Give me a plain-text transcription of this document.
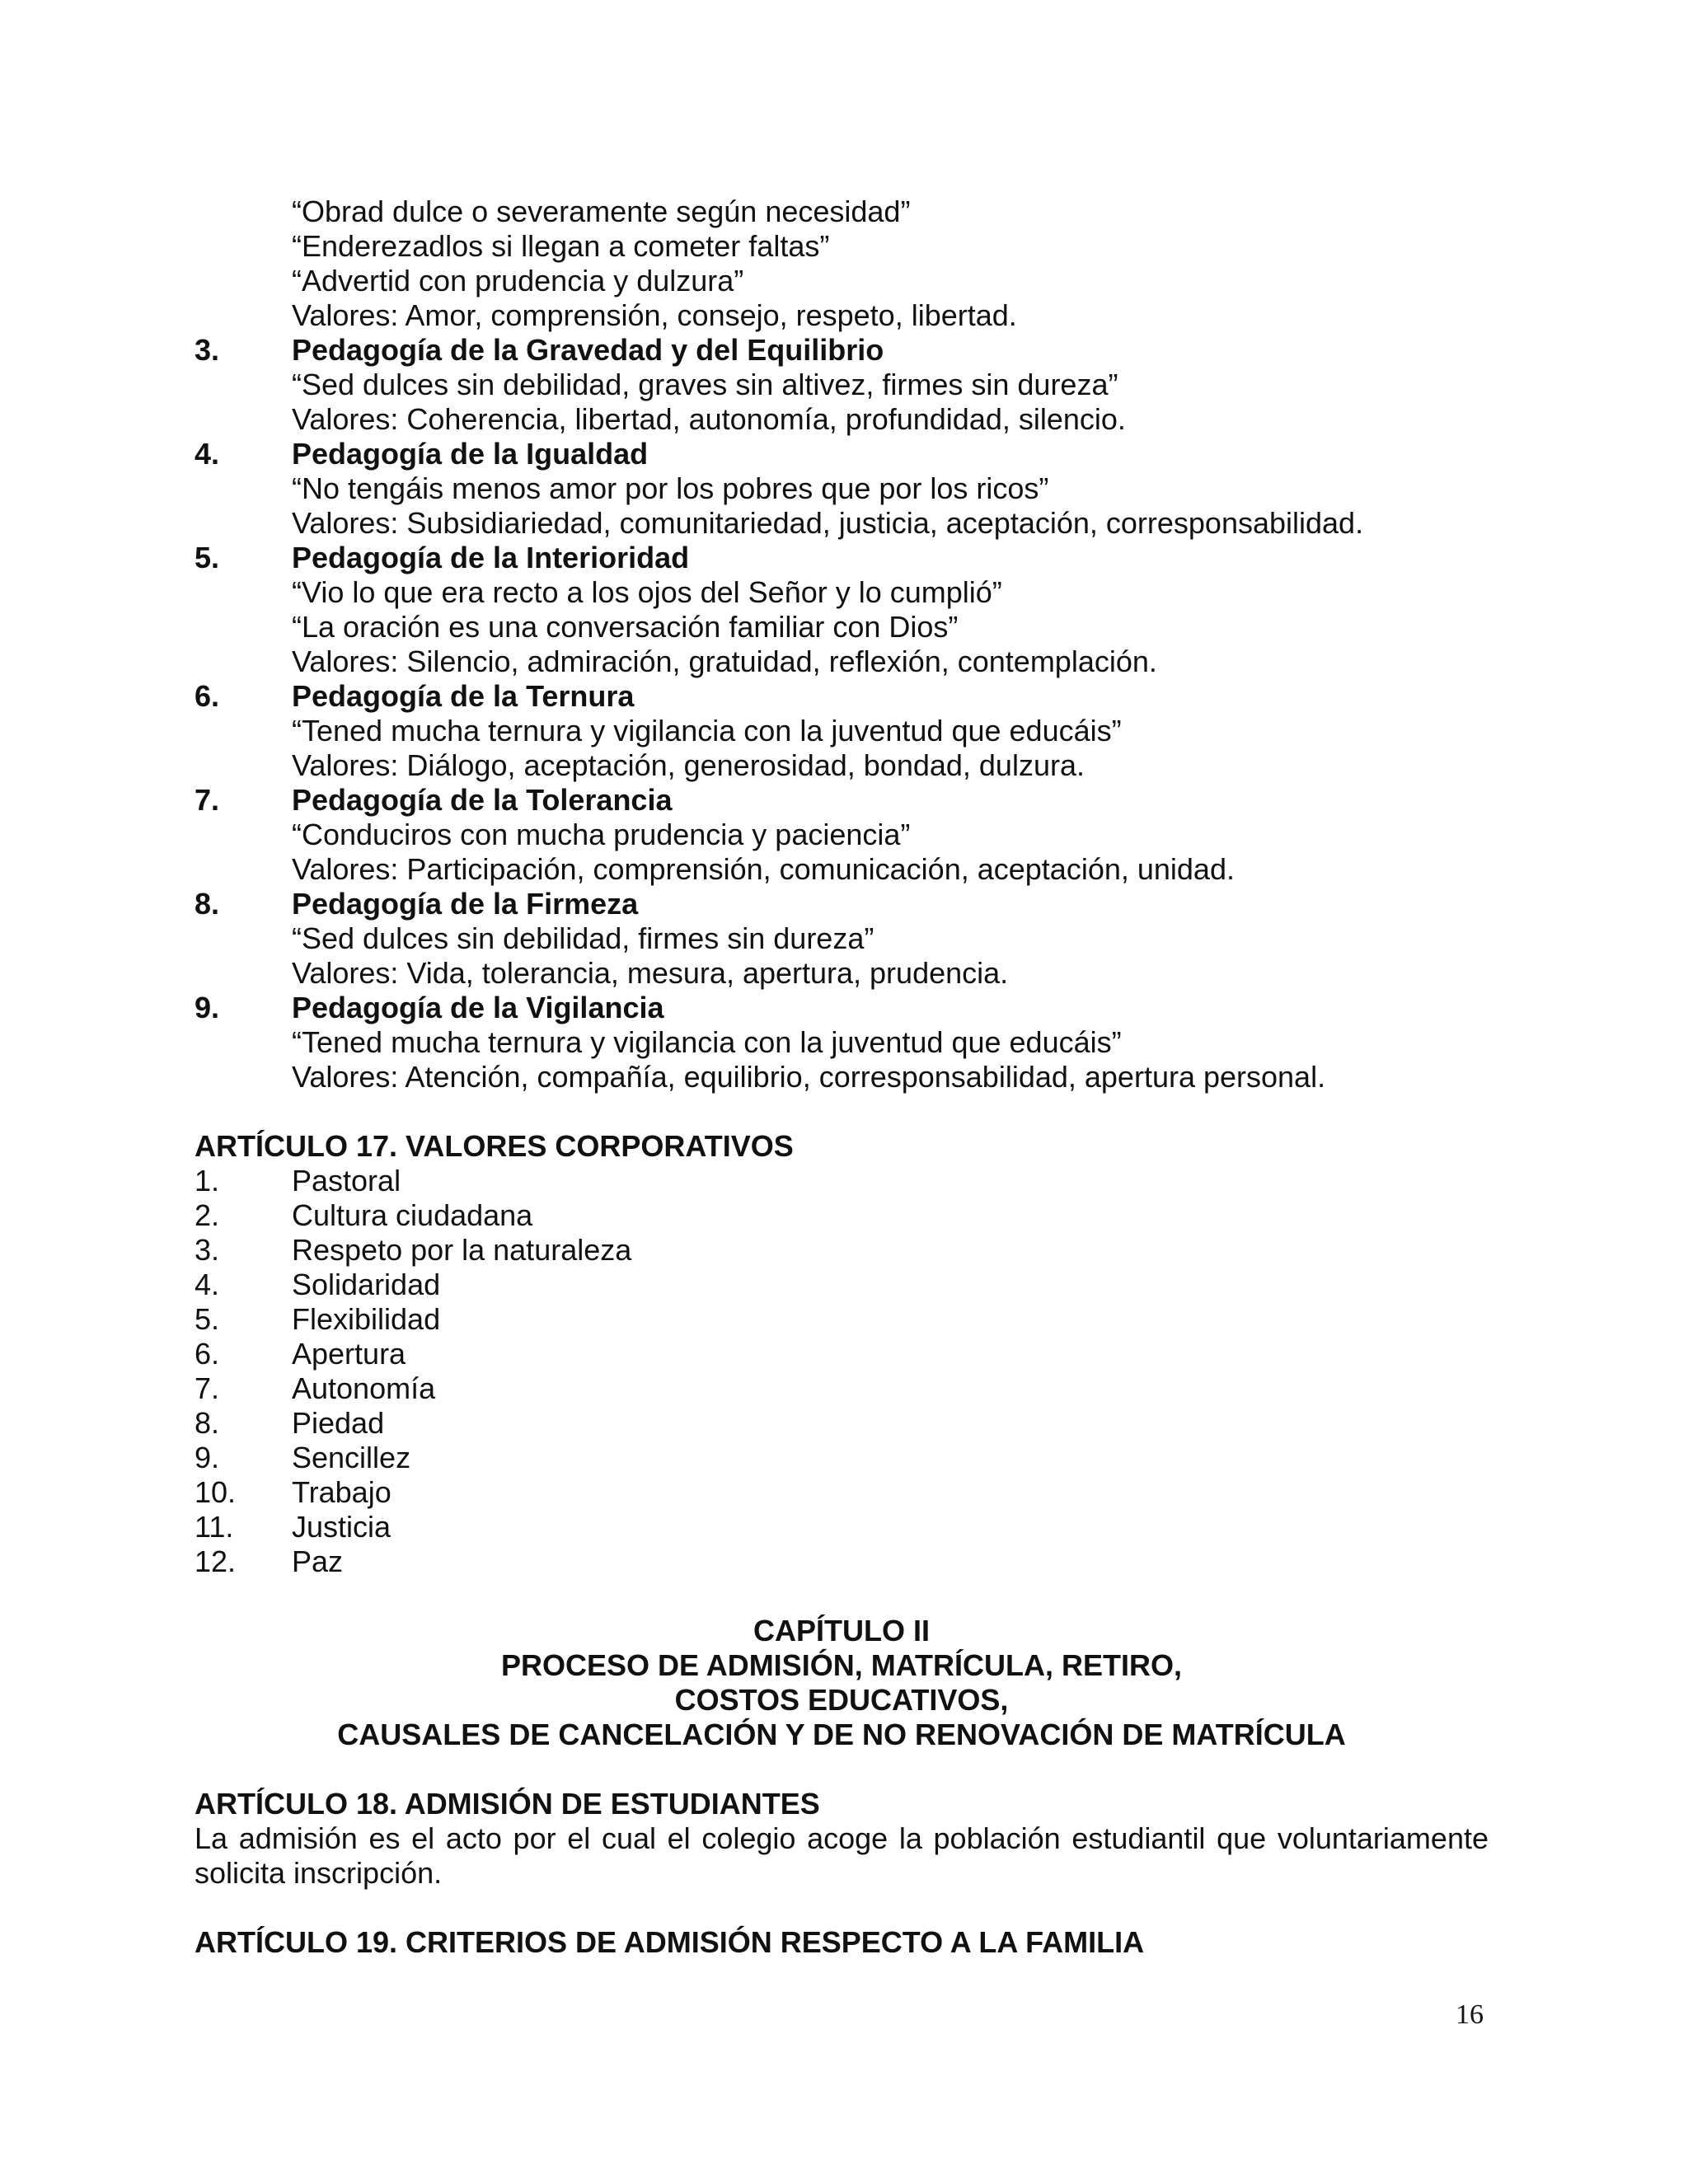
“Obrad dulce o severamente según necesidad”
“Enderezadlos si llegan a cometer faltas”
“Advertid con prudencia y dulzura”
Valores: Amor, comprensión, consejo, respeto, libertad.
3. Pedagogía de la Gravedad y del Equilibrio
“Sed dulces sin debilidad, graves sin altivez, firmes sin dureza”
Valores: Coherencia, libertad, autonomía, profundidad, silencio.
4. Pedagogía de la Igualdad
“No tengáis menos amor por los pobres que por los ricos”
Valores: Subsidiariedad, comunitariedad, justicia, aceptación, corresponsabilidad.
5. Pedagogía de la Interioridad
“Vio lo que era recto a los ojos del Señor y lo cumplió”
“La oración es una conversación familiar con Dios”
Valores: Silencio, admiración, gratuidad, reflexión, contemplación.
6. Pedagogía de la Ternura
“Tened mucha ternura y vigilancia con la juventud que educáis”
Valores: Diálogo, aceptación, generosidad, bondad, dulzura.
7. Pedagogía de la Tolerancia
“Conduciros con mucha prudencia y paciencia”
Valores: Participación, comprensión, comunicación, aceptación, unidad.
8. Pedagogía de la Firmeza
“Sed dulces sin debilidad, firmes sin dureza”
Valores: Vida, tolerancia, mesura, apertura, prudencia.
9. Pedagogía de la Vigilancia
“Tened mucha ternura y vigilancia con la juventud que educáis”
Valores: Atención, compañía, equilibrio, corresponsabilidad, apertura personal.
ARTÍCULO 17. VALORES CORPORATIVOS
1. Pastoral
2. Cultura ciudadana
3. Respeto por la naturaleza
4. Solidaridad
5. Flexibilidad
6. Apertura
7. Autonomía
8. Piedad
9. Sencillez
10. Trabajo
11. Justicia
12. Paz
CAPÍTULO II
PROCESO DE ADMISIÓN, MATRÍCULA, RETIRO,
COSTOS EDUCATIVOS,
CAUSALES DE CANCELACIÓN Y DE NO RENOVACIÓN DE MATRÍCULA
ARTÍCULO 18. ADMISIÓN DE ESTUDIANTES
La admisión es el acto por el cual el colegio acoge la población estudiantil que voluntariamente solicita inscripción.
ARTÍCULO 19. CRITERIOS DE ADMISIÓN RESPECTO A LA FAMILIA
16
